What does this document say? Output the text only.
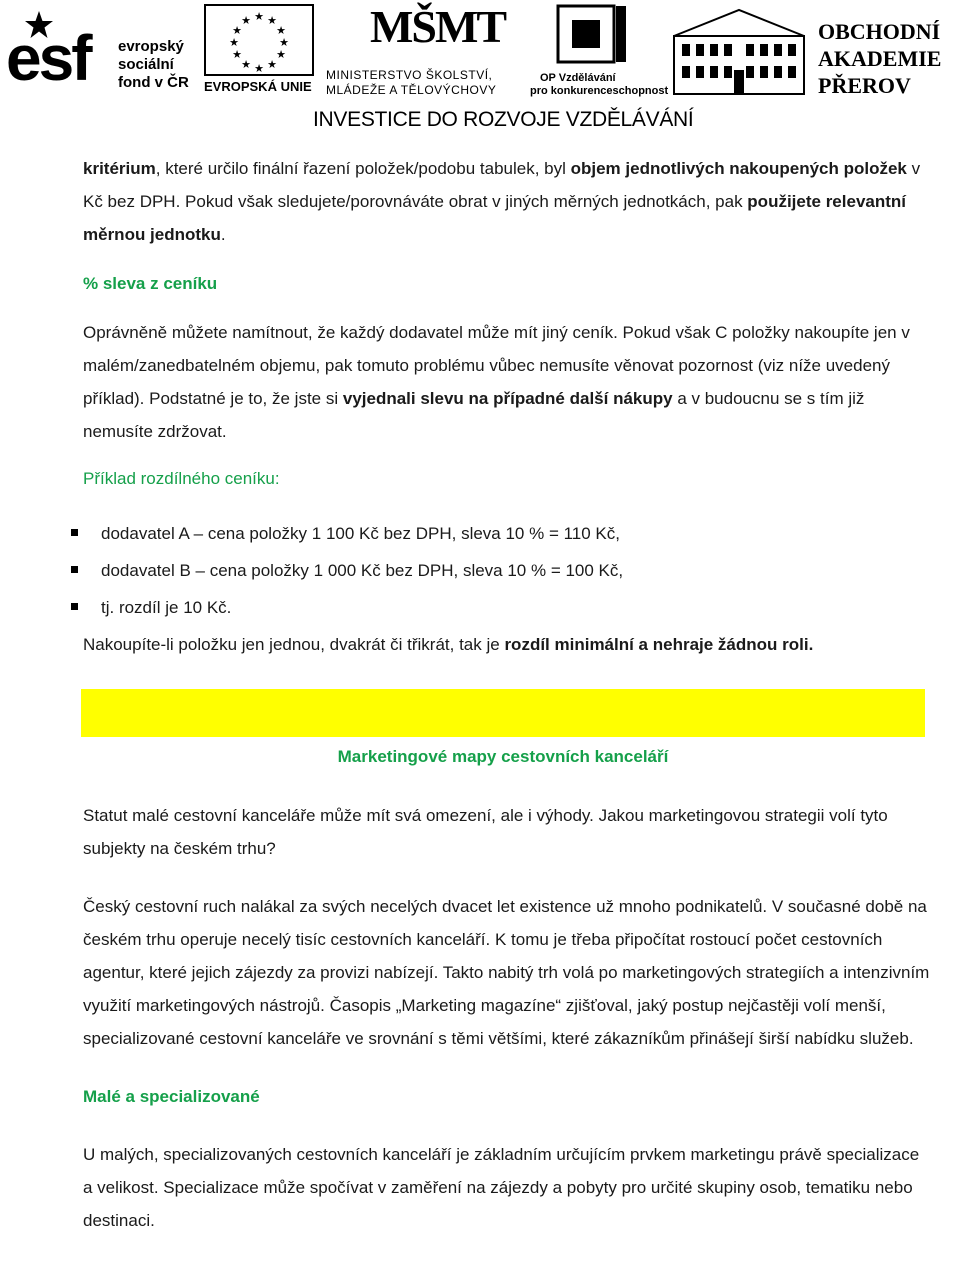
esf evropský
sociální
fond v ČR
★ ★
★
★
★
★
★
★
★
★
★
★
EVROPSKÁ UNIE
MŠMT
MINISTERSTVO ŠKOLSTVÍ,
MLÁDEŽE A TĚLOVÝCHOVY
OP Vzdělávání
pro konkurenceschopnost
OBCHODNÍ
AKADEMIE
PŘEROV
INVESTICE DO ROZVOJE VZDĚLÁVÁNÍ

kritérium, které určilo finální řazení položek/podobu tabulek, byl objem jednotlivých nakoupených položek v Kč bez DPH. Pokud však sledujete/porovnáváte obrat v jiných měrných jednotkách, pak použijete relevantní měrnou jednotku.

% sleva z ceníku

Oprávněně můžete namítnout, že každý dodavatel může mít jiný ceník. Pokud však C položky nakoupíte jen v malém/zanedbatelném objemu, pak tomuto problému vůbec nemusíte věnovat pozornost (viz níže uvedený příklad). Podstatné je to, že jste si vyjednali slevu na případné další nákupy a v budoucnu se s tím již nemusíte zdržovat.

Příklad rozdílného ceníku:

dodavatel A – cena položky 1 100 Kč bez DPH, sleva 10 % = 110 Kč,
dodavatel B – cena položky 1 000 Kč bez DPH, sleva 10 % = 100 Kč,
tj. rozdíl je 10 Kč.

Nakoupíte-li položku jen jednou, dvakrát či třikrát, tak je rozdíl minimální a nehraje žádnou roli.

Marketingové mapy cestovních kanceláří

Statut malé cestovní kanceláře může mít svá omezení, ale i výhody. Jakou marketingovou strategii volí tyto subjekty na českém trhu?

Český cestovní ruch nalákal za svých necelých dvacet let existence už mnoho podnikatelů. V současné době na českém trhu operuje necelý tisíc cestovních kanceláří. K tomu je třeba připočítat rostoucí počet cestovních agentur, které jejich zájezdy za provizi nabízejí. Takto nabitý trh volá po marketingových strategiích a intenzivním využití marketingových nástrojů. Časopis „Marketing magazíne“ zjišťoval, jaký postup nejčastěji volí menší, specializované cestovní kanceláře ve srovnání s těmi většími, které zákazníkům přinášejí širší nabídku služeb.

Malé a specializované

U malých, specializovaných cestovních kanceláří je základním určujícím prvkem marketingu právě specializace a velikost. Specializace může spočívat v zaměření na zájezdy a pobyty pro určité skupiny osob, tematiku nebo destinaci.
